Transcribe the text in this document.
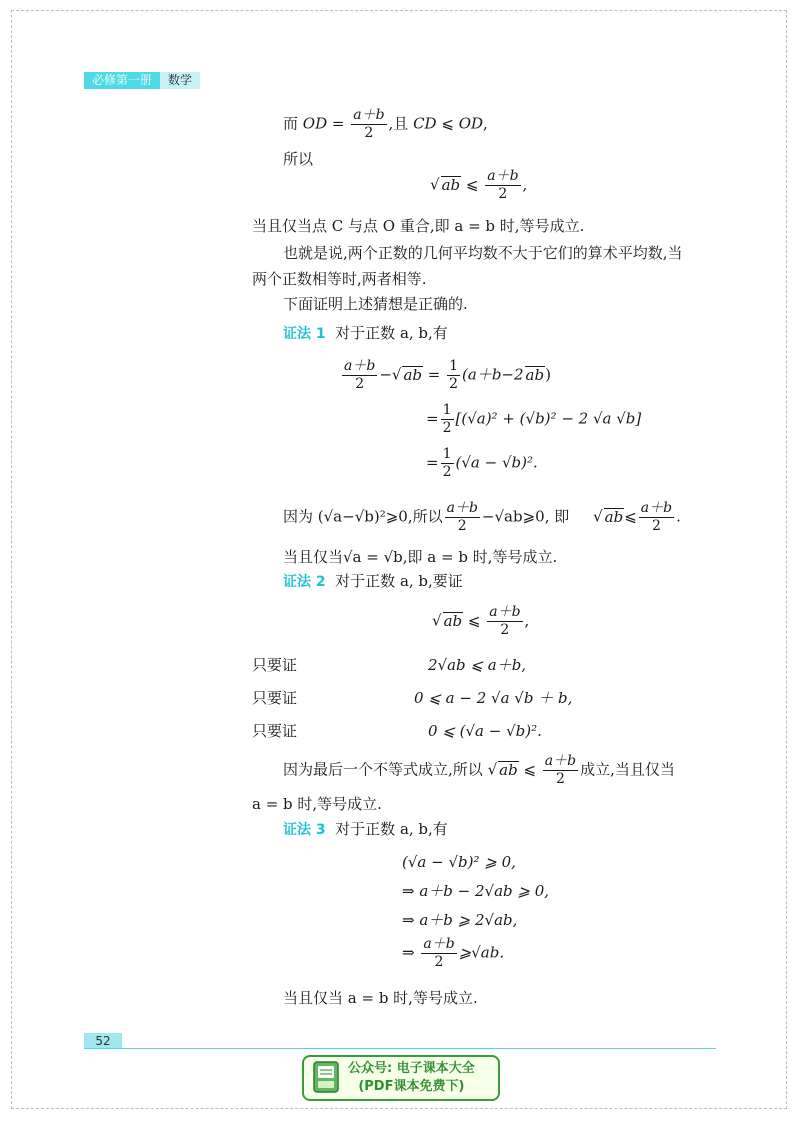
必修第一册	数学
而 OD = $\frac{a+b}{2}$ ,且 CD ⩽ OD,
所以
√ ab ⩽ $\frac{a+b}{2}$ ,
当且仅当点 C 与点 O 重合,即 a = b 时,等号成立.
也就是说,两个正数的几何平均数不大于它们的算术平均数,当
两个正数相等时,两者相等.
下面证明上述猜想是正确的.
证法 1 对于正数 a, b,有
$\frac{a+b}{2}$ −√ ab = $\frac{1}{2} (a+b-2$ ab)
= $\frac{1}{2} [(√a)^2 + (√b)^2 - 2$ √a √b]
= $\frac{1}{2} (√a - √b)^2$.
因为 (√a−√b)²⩾0,所以 $\frac{a+b}{2}$ −√ab⩾0, 即 √ ab⩽ $\frac{a+b}{2}$ .
当且仅当√a = √b,即 a = b 时,等号成立.
证法 2 对于正数 a, b,要证
√ ab ⩽ $\frac{a+b}{2}$ ,
只要证	2√ab ⩽ a＋b,
只要证	0 ⩽ a − 2 √a √b ＋ b,
只要证	0 ⩽ (√a − √b)².
因为最后一个不等式成立,所以 √ ab ⩽ $\frac{a+b}{2}$ 成立,当且仅当
a = b 时,等号成立.
证法 3 对于正数 a, b,有
(√a − √b)² ⩾ 0,
⇒ a＋b − 2√ab ⩾ 0,
⇒ a＋b ⩾ 2√ab,
⇒ $\frac{a+b}{2}$ ⩾√ab.
当且仅当 a = b 时,等号成立.
52
公众号: 电子课本大全
(PDF课本免费下)
